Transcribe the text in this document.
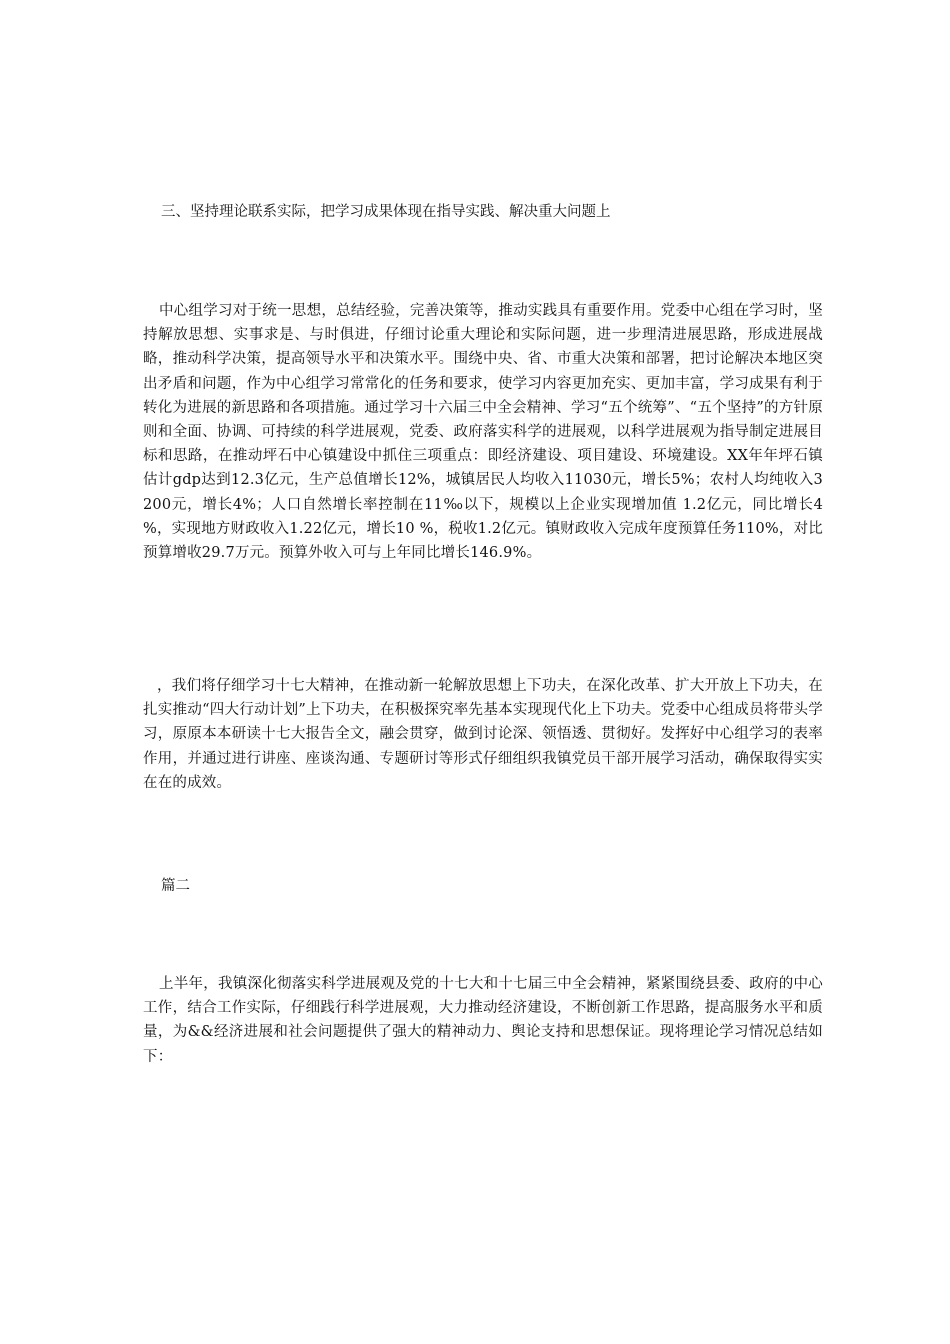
三、坚持理论联系实际，把学习成果体现在指导实践、解决重大问题上

中心组学习对于统一思想，总结经验，完善决策等，推动实践具有重要作用。党委中心组在学习时，坚持解放思想、实事求是、与时俱进，仔细讨论重大理论和实际问题，进一步理清进展思路，形成进展战略，推动科学决策，提高领导水平和决策水平。围绕中央、省、市重大决策和部署，把讨论解决本地区突出矛盾和问题，作为中心组学习常常化的任务和要求，使学习内容更加充实、更加丰富，学习成果有利于转化为进展的新思路和各项措施。通过学习十六届三中全会精神、学习“五个统筹”、“五个坚持”的方针原则和全面、协调、可持续的科学进展观，党委、政府落实科学的进展观，以科学进展观为指导制定进展目标和思路，在推动坪石中心镇建设中抓住三项重点：即经济建设、项目建设、环境建设。XX年年坪石镇估计gdp达到12.3亿元，生产总值增长12%，城镇居民人均收入11030元，增长5%；农村人均纯收入3200元，增长4%；人口自然增长率控制在11‰以下，规模以上企业实现增加值 1.2亿元，同比增长4 %，实现地方财政收入1.22亿元，增长10 %，税收1.2亿元。镇财政收入完成年度预算任务110%，对比预算增收29.7万元。预算外收入可与上年同比增长146.9%。

，我们将仔细学习十七大精神，在推动新一轮解放思想上下功夫，在深化改革、扩大开放上下功夫，在扎实推动“四大行动计划”上下功夫，在积极探究率先基本实现现代化上下功夫。党委中心组成员将带头学习，原原本本研读十七大报告全文，融会贯穿，做到讨论深、领悟透、贯彻好。发挥好中心组学习的表率作用，并通过进行讲座、座谈沟通、专题研讨等形式仔细组织我镇党员干部开展学习活动，确保取得实实在在的成效。

篇二

上半年，我镇深化彻落实科学进展观及党的十七大和十七届三中全会精神，紧紧围绕县委、政府的中心工作，结合工作实际，仔细践行科学进展观，大力推动经济建设，不断创新工作思路，提高服务水平和质量，为&&经济进展和社会问题提供了强大的精神动力、舆论支持和思想保证。现将理论学习情况总结如下：
